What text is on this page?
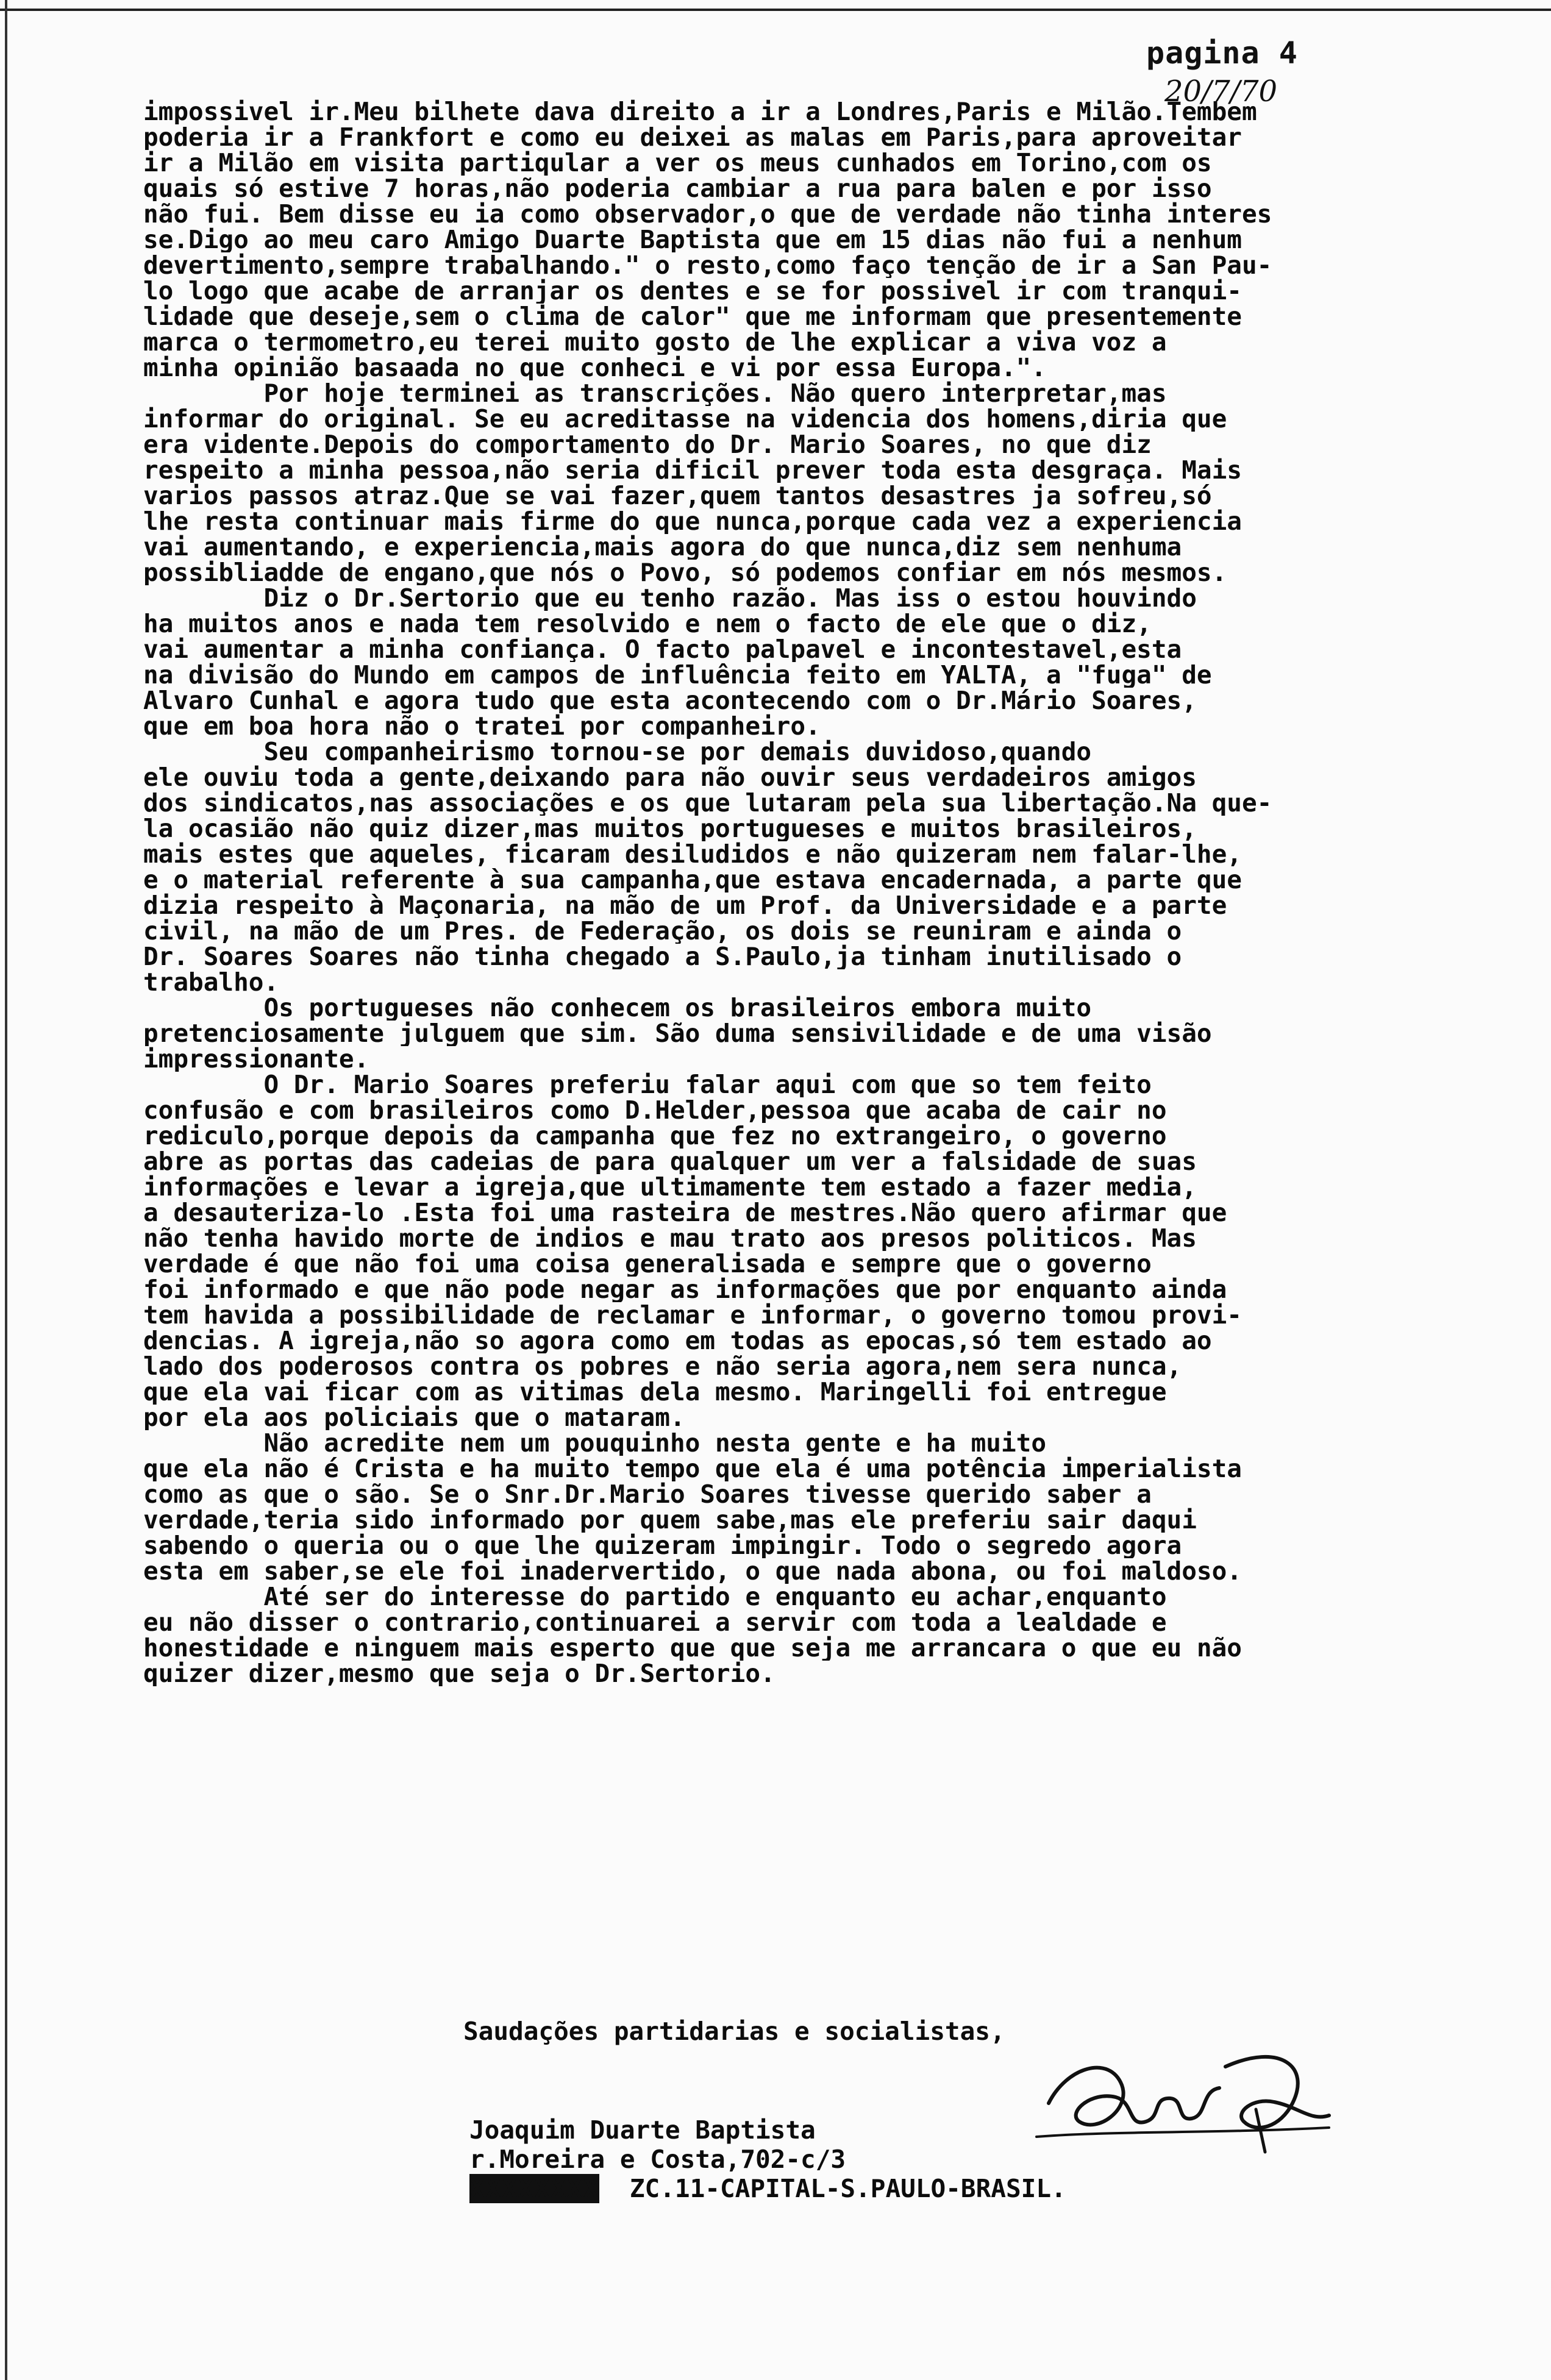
pagina 4
20/7/70
impossivel ir.Meu bilhete dava direito a ir a Londres,Paris e Milão.Tembem
poderia ir a Frankfort e como eu deixei as malas em Paris,para aproveitar
ir a Milão em visita partiqular a ver os meus cunhados em Torino,com os
quais só estive 7 horas,não poderia cambiar a rua para balen e por isso
não fui. Bem disse eu ia como observador,o que de verdade não tinha interes
se.Digo ao meu caro Amigo Duarte Baptista que em 15 dias não fui a nenhum
devertimento,sempre trabalhando." o resto,como faço tenção de ir a San Pau-
lo logo que acabe de arranjar os dentes e se for possivel ir com tranqui-
lidade que deseje,sem o clima de calor" que me informam que presentemente
marca o termometro,eu terei muito gosto de lhe explicar a viva voz a
minha opinião basaada no que conheci e vi por essa Europa.".
Por hoje terminei as transcrições. Não quero interpretar,mas
informar do original. Se eu acreditasse na videncia dos homens,diria que
era vidente.Depois do comportamento do Dr. Mario Soares, no que diz
respeito a minha pessoa,não seria dificil prever toda esta desgraça. Mais
varios passos atraz.Que se vai fazer,quem tantos desastres ja sofreu,só
lhe resta continuar mais firme do que nunca,porque cada vez a experiencia
vai aumentando, e experiencia,mais agora do que nunca,diz sem nenhuma
possibliadde de engano,que nós o Povo, só podemos confiar em nós mesmos.
Diz o Dr.Sertorio que eu tenho razão. Mas iss o estou houvindo
ha muitos anos e nada tem resolvido e nem o facto de ele que o diz,
vai aumentar a minha confiança. O facto palpavel e incontestavel,esta
na divisão do Mundo em campos de influência feito em YALTA, a "fuga" de
Alvaro Cunhal e agora tudo que esta acontecendo com o Dr.Mário Soares,
que em boa hora não o tratei por companheiro.
Seu companheirismo tornou-se por demais duvidoso,quando
ele ouviu toda a gente,deixando para não ouvir seus verdadeiros amigos
dos sindicatos,nas associações e os que lutaram pela sua libertação.Na que-
la ocasião não quiz dizer,mas muitos portugueses e muitos brasileiros,
mais estes que aqueles, ficaram desiludidos e não quizeram nem falar-lhe,
e o material referente à sua campanha,que estava encadernada, a parte que
dizia respeito à Maçonaria, na mão de um Prof. da Universidade e a parte
civil, na mão de um Pres. de Federação, os dois se reuniram e ainda o
Dr. Soares Soares não tinha chegado a S.Paulo,ja tinham inutilisado o
trabalho.
Os portugueses não conhecem os brasileiros embora muito
pretenciosamente julguem que sim. São duma sensivilidade e de uma visão
impressionante.
O Dr. Mario Soares preferiu falar aqui com que so tem feito
confusão e com brasileiros como D.Helder,pessoa que acaba de cair no
rediculo,porque depois da campanha que fez no extrangeiro, o governo
abre as portas das cadeias de para qualquer um ver a falsidade de suas
informações e levar a igreja,que ultimamente tem estado a fazer media,
a desauteriza-lo .Esta foi uma rasteira de mestres.Não quero afirmar que
não tenha havido morte de indios e mau trato aos presos politicos. Mas
verdade é que não foi uma coisa generalisada e sempre que o governo
foi informado e que não pode negar as informações que por enquanto ainda
tem havida a possibilidade de reclamar e informar, o governo tomou provi-
dencias. A igreja,não so agora como em todas as epocas,só tem estado ao
lado dos poderosos contra os pobres e não seria agora,nem sera nunca,
que ela vai ficar com as vitimas dela mesmo. Maringelli foi entregue
por ela aos policiais que o mataram.
Não acredite nem um pouquinho nesta gente e ha muito
que ela não é Crista e ha muito tempo que ela é uma potência imperialista
como as que o são. Se o Snr.Dr.Mario Soares tivesse querido saber a
verdade,teria sido informado por quem sabe,mas ele preferiu sair daqui
sabendo o queria ou o que lhe quizeram impingir. Todo o segredo agora
esta em saber,se ele foi inadervertido, o que nada abona, ou foi maldoso.
Até ser do interesse do partido e enquanto eu achar,enquanto
eu não disser o contrario,continuarei a servir com toda a lealdade e
honestidade e ninguem mais esperto que que seja me arrancara o que eu não
quizer dizer,mesmo que seja o Dr.Sertorio.
Saudações partidarias e socialistas,
Joaquim Duarte Baptista
r.Moreira e Costa,702-c/3
XXXXXXXX ZC.11-CAPITAL-S.PAULO-BRASIL.
